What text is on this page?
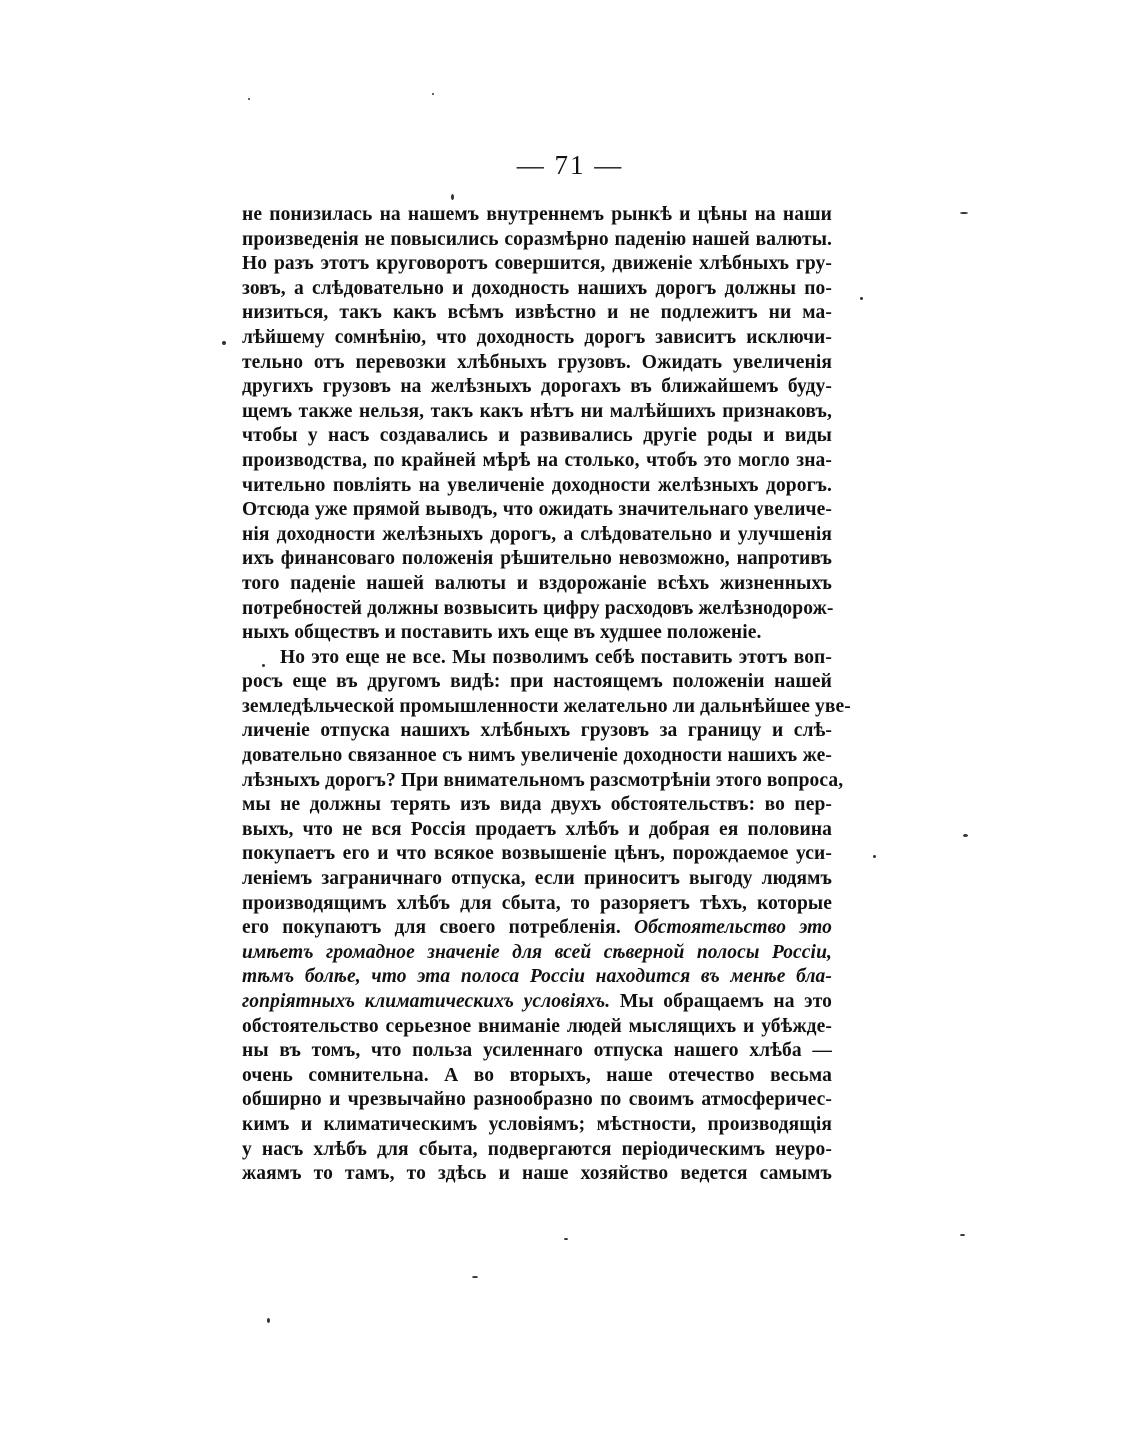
— 71 —
не понизилась на нашемъ внутреннемъ рынкѣ и цѣны на наши
произведенія не повысились соразмѣрно паденію нашей валюты.
Но разъ этотъ круговоротъ совершится, движеніе хлѣбныхъ гру-
зовъ, а слѣдовательно и доходность нашихъ дорогъ должны по-
низиться, такъ какъ всѣмъ извѣстно и не подлежитъ ни ма-
лѣйшему сомнѣнію, что доходность дорогъ зависитъ исключи-
тельно отъ перевозки хлѣбныхъ грузовъ. Ожидать увеличенія
другихъ грузовъ на желѣзныхъ дорогахъ въ ближайшемъ буду-
щемъ также нельзя, такъ какъ нѣтъ ни малѣйшихъ признаковъ,
чтобы у насъ создавались и развивались другіе роды и виды
производства, по крайней мѣрѣ на столько, чтобъ это могло зна-
чительно повліять на увеличеніе доходности желѣзныхъ дорогъ.
Отсюда уже прямой выводъ, что ожидать значительнаго увеличе-
нія доходности желѣзныхъ дорогъ, а слѣдовательно и улучшенія
ихъ финансоваго положенія рѣшительно невозможно, напротивъ
того паденіе нашей валюты и вздорожаніе всѣхъ жизненныхъ
потребностей должны возвысить цифру расходовъ желѣзнодорож-
ныхъ обществъ и поставить ихъ еще въ худшее положеніе.
Но это еще не все. Мы позволимъ себѣ поставить этотъ воп-
росъ еще въ другомъ видѣ: при настоящемъ положеніи нашей
земледѣльческой промышленности желательно ли дальнѣйшее уве-
личеніе отпуска нашихъ хлѣбныхъ грузовъ за границу и слѣ-
довательно связанное съ нимъ увеличеніе доходности нашихъ же-
лѣзныхъ дорогъ? При внимательномъ разсмотрѣніи этого вопроса,
мы не должны терять изъ вида двухъ обстоятельствъ: во пер-
выхъ, что не вся Россія продаетъ хлѣбъ и добрая ея половина
покупаетъ его и что всякое возвышеніе цѣнъ, порождаемое уси-
леніемъ заграничнаго отпуска, если приноситъ выгоду людямъ
производящимъ хлѣбъ для сбыта, то разоряетъ тѣхъ, которые
его покупаютъ для своего потребленія. Обстоятельство это
имѣетъ громадное значеніе для всей сѣверной полосы Россіи,
тѣмъ болѣе, что эта полоса Россіи находится въ менѣе бла-
гопріятныхъ климатическихъ условіяхъ. Мы обращаемъ на это
обстоятельство серьезное вниманіе людей мыслящихъ и убѣжде-
ны въ томъ, что польза усиленнаго отпуска нашего хлѣба —
очень сомнительна. А во вторыхъ, наше отечество весьма
обширно и чрезвычайно разнообразно по своимъ атмосферичес-
кимъ и климатическимъ условіямъ; мѣстности, производящія
у насъ хлѣбъ для сбыта, подвергаются періодическимъ неуро-
жаямъ то тамъ, то здѣсь и наше хозяйство ведется самымъ
